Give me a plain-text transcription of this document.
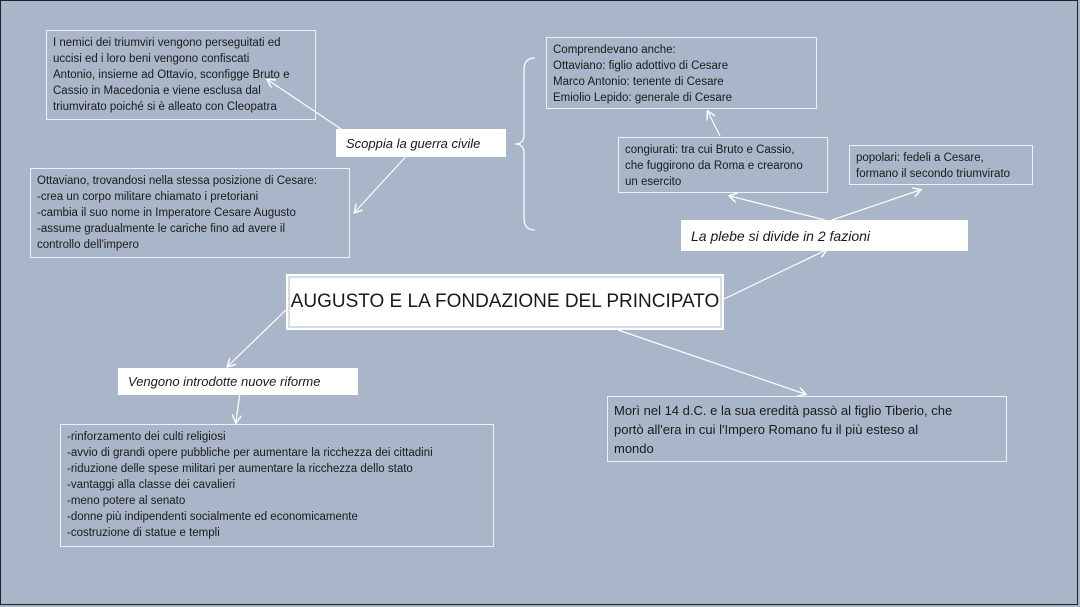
I nemici dei triumviri vengono perseguitati ed
uccisi ed i loro beni vengono confiscati
Antonio, insieme ad Ottavio, sconfigge Bruto e
Cassio in Macedonia e viene esclusa dal
triumvirato poiché si è alleato con Cleopatra
Scoppia la guerra civile
Ottaviano, trovandosi nella stessa posizione di Cesare:
-crea un corpo militare chiamato i pretoriani
-cambia il suo nome in Imperatore Cesare Augusto
-assume gradualmente le cariche fino ad avere il
controllo dell'impero
Comprendevano anche:
Ottaviano: figlio adottivo di Cesare
Marco Antonio: tenente di Cesare
Emiolio Lepido: generale di Cesare
congiurati: tra cui Bruto e Cassio,
che fuggirono da Roma e crearono
un esercito
popolari: fedeli a Cesare,
formano il secondo triumvirato
La plebe si divide in 2 fazioni
AUGUSTO E LA FONDAZIONE DEL PRINCIPATO
Vengono introdotte nuove riforme
-rinforzamento dei culti religiosi
-avvio di grandi opere pubbliche per aumentare la ricchezza dei cittadini
-riduzione delle spese militari per aumentare la ricchezza dello stato
-vantaggi alla classe dei cavalieri
-meno potere al senato
-donne più indipendenti socialmente ed economicamente
-costruzione di statue e templi
Morì nel 14 d.C. e la sua eredità passò al figlio Tiberio, che
portò all'era in cui l'Impero Romano fu il più esteso al
mondo
